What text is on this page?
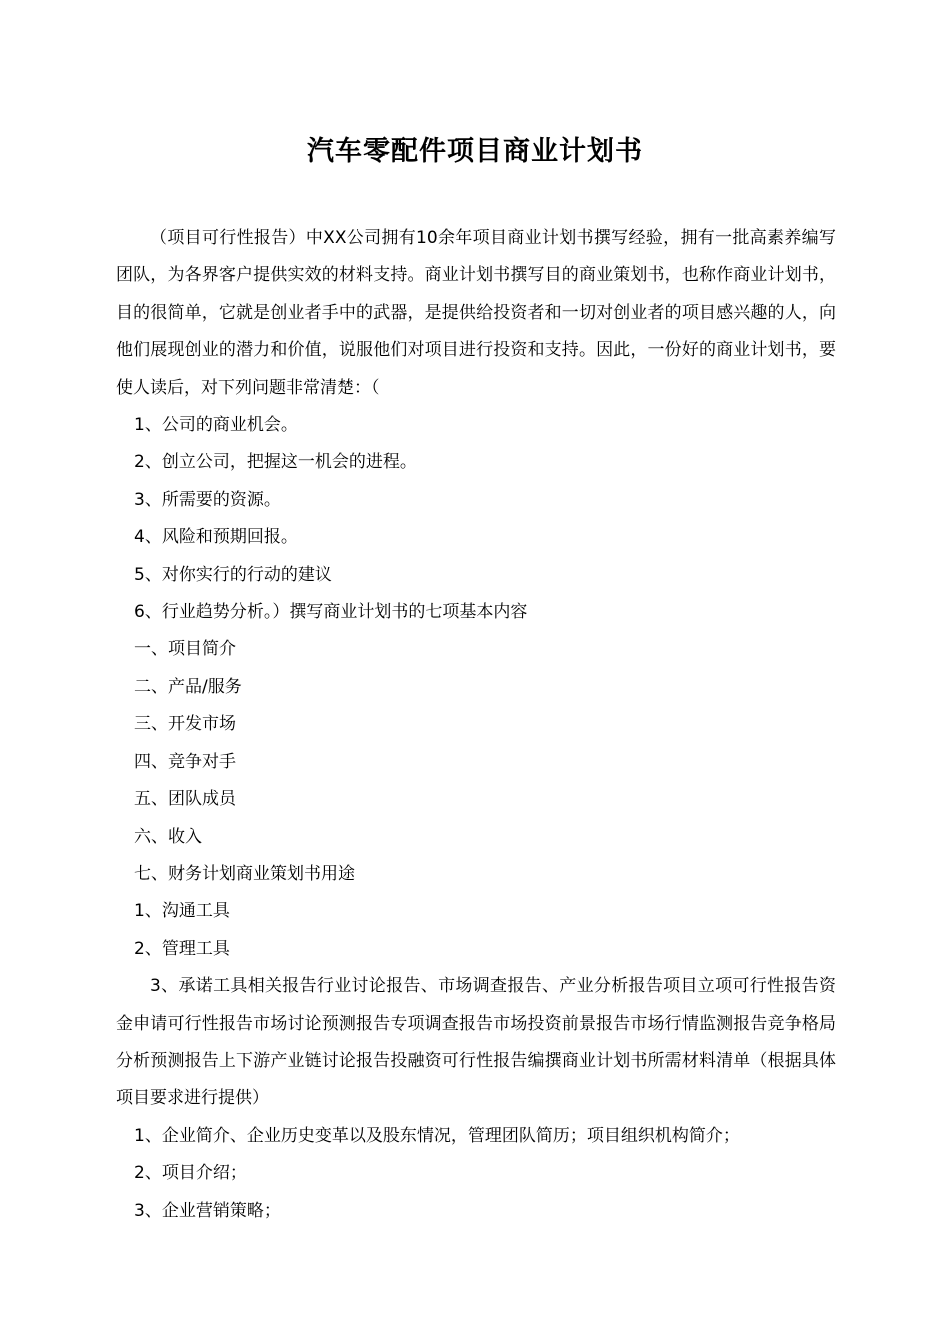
汽车零配件项目商业计划书

（项目可行性报告）中XX公司拥有10余年项目商业计划书撰写经验，拥有一批高素养编写团队，为各界客户提供实效的材料支持。商业计划书撰写目的商业策划书，也称作商业计划书，目的很简单，它就是创业者手中的武器，是提供给投资者和一切对创业者的项目感兴趣的人，向他们展现创业的潜力和价值，说服他们对项目进行投资和支持。因此，一份好的商业计划书，要使人读后，对下列问题非常清楚：（

1、公司的商业机会。

2、创立公司，把握这一机会的进程。

3、所需要的资源。

4、风险和预期回报。

5、对你实行的行动的建议

6、行业趋势分析。）撰写商业计划书的七项基本内容

一、项目简介

二、产品/服务

三、开发市场

四、竞争对手

五、团队成员

六、收入

七、财务计划商业策划书用途

1、沟通工具

2、管理工具

3、承诺工具相关报告行业讨论报告、市场调查报告、产业分析报告项目立项可行性报告资金申请可行性报告市场讨论预测报告专项调查报告市场投资前景报告市场行情监测报告竞争格局分析预测报告上下游产业链讨论报告投融资可行性报告编撰商业计划书所需材料清单（根据具体项目要求进行提供）

1、企业简介、企业历史变革以及股东情况，管理团队简历；项目组织机构简介；

2、项目介绍；

3、企业营销策略；
